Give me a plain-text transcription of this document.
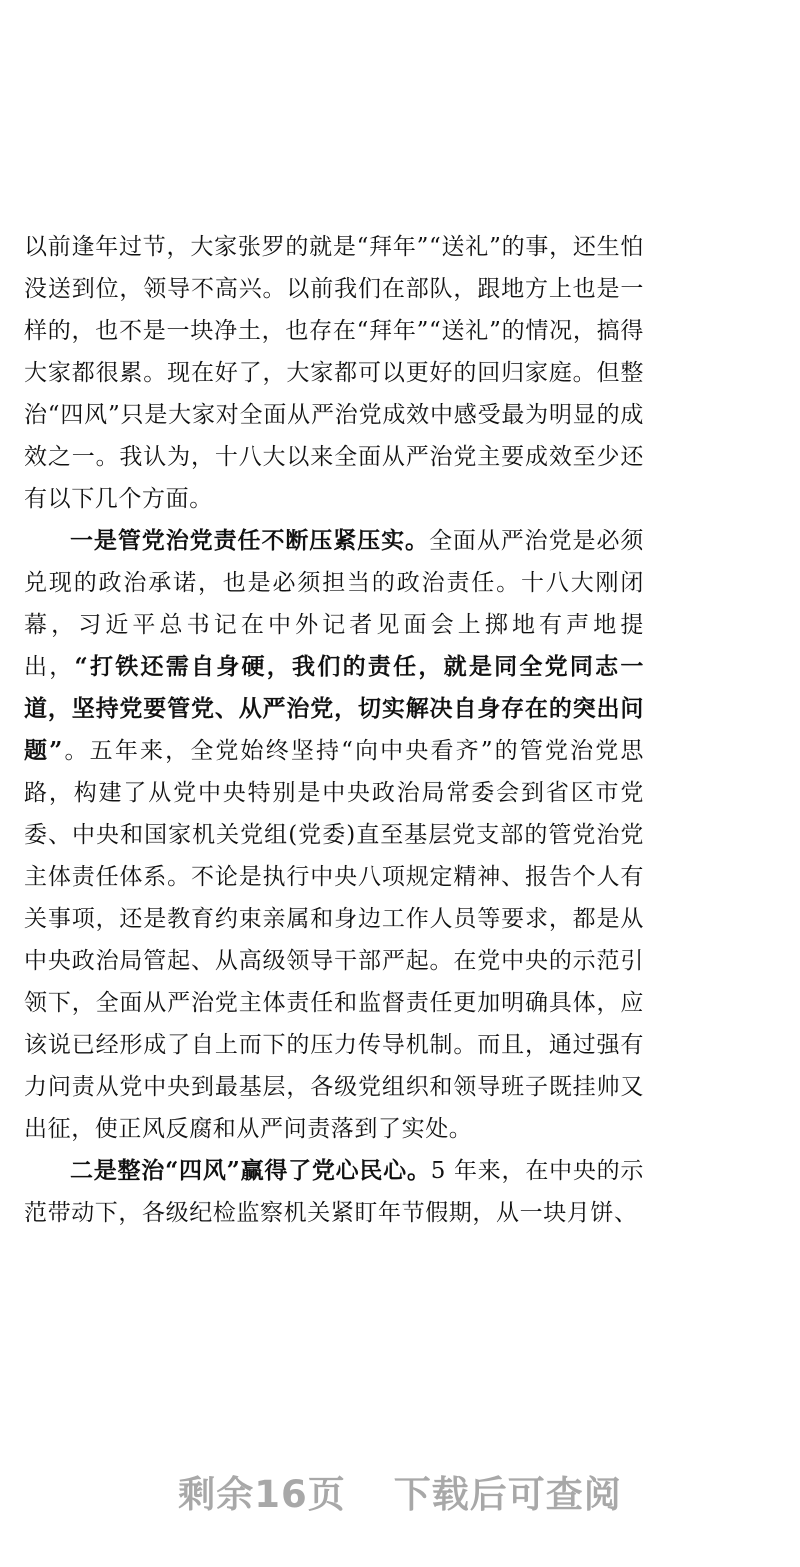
以前逢年过节，大家张罗的就是“拜年”“送礼”的事，还生怕没送到位，领导不高兴。以前我们在部队，跟地方上也是一样的，也不是一块净土，也存在“拜年”“送礼”的情况，搞得大家都很累。现在好了，大家都可以更好的回归家庭。但整治“四风”只是大家对全面从严治党成效中感受最为明显的成效之一。我认为，十八大以来全面从严治党主要成效至少还有以下几个方面。

一是管党治党责任不断压紧压实。全面从严治党是必须兑现的政治承诺，也是必须担当的政治责任。十八大刚闭幕，习近平总书记在中外记者见面会上掷地有声地提出，“打铁还需自身硬，我们的责任，就是同全党同志一道，坚持党要管党、从严治党，切实解决自身存在的突出问题”。五年来，全党始终坚持“向中央看齐”的管党治党思路，构建了从党中央特别是中央政治局常委会到省区市党委、中央和国家机关党组(党委)直至基层党支部的管党治党主体责任体系。不论是执行中央八项规定精神、报告个人有关事项，还是教育约束亲属和身边工作人员等要求，都是从中央政治局管起、从高级领导干部严起。在党中央的示范引领下，全面从严治党主体责任和监督责任更加明确具体，应该说已经形成了自上而下的压力传导机制。而且，通过强有力问责从党中央到最基层，各级党组织和领导班子既挂帅又出征，使正风反腐和从严问责落到了实处。

二是整治“四风”赢得了党心民心。5 年来，在中央的示范带动下，各级纪检监察机关紧盯年节假期，从一块月饼、

剩余16页 下载后可查阅
